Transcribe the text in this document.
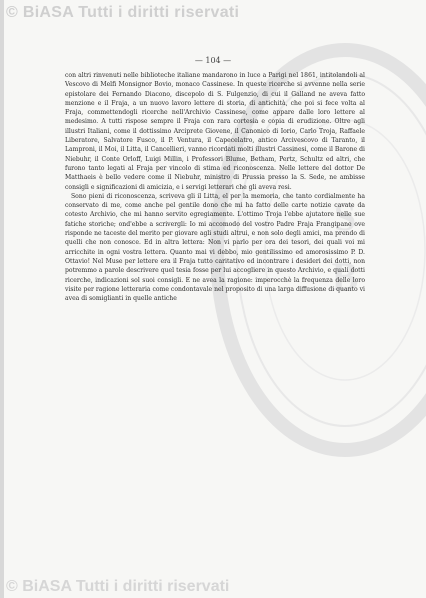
© BiASA Tutti i diritti riservati
S
B
— 104 —

con altri rinvenuti nelle biblioteche italiane mandarono in luce a Parigi nel 1861, intitolandoli al Vescovo di Melfi Monsignor Bovio, monaco Cassinese. In queste ricerche si avvenne nella serie epistolare dei Fernando Diacono, discepolo di S. Fulgenzio, di cui il Galland ne aveva fatto menzione e il Fraja, a un nuovo lavoro lettere di storia, di antichità, che poi si fece volta al Fraja, commettendogli ricerche nell'Archivio Cassinese, come appare dalle loro lettere al medesimo. A tutti rispose sempre il Fraja con rara cortesia e copia di erudizione. Oltre agli illustri Italiani, come il dottissimo Arciprete Giovene, il Canonico di Iorio, Carlo Troja, Raffaele Liberatore, Salvatore Fusco, il P. Ventura, il Capecelatro, antico Arcivescovo di Taranto, il Lamproni, il Moi, il Litta, il Cancellieri, vanno ricordati molti illustri Cassinesi, come il Barone di Niebuhr, il Conte Orloff, Luigi Millin, i Professori Blume, Betham, Pertz, Schultz ed altri, che furono tanto legati al Fraja per vincolo di stima ed riconoscenza. Nelle lettere del dottor De Matthaeis è bello vedere come il Niebuhr, ministro di Prussia presso la S. Sede, ne ambisse consigli e significazioni di amicizia, e i servigi letterari che gli aveva resi.

Sono pieni di riconoscenza, scriveva gli il Litta, el per la memoria, che tanto cordialmente ha conservato di me, come anche pel gentile dono che mi ha fatto delle carte notizie cavate da cotesto Archivio, che mi hanno servito egregiamente. L'ottimo Troja l'ebbe ajutatore nelle sue fatiche storiche; ond'ebbe a scrivergli: Io mi accomodo del vostro Padre Fraja Frangipane ove risponde ne taceste del merito per giovare agli studi altrui, e non solo degli amici, ma prendo di quelli che non conosce. Ed in altra lettera: Non vi parlo per ora dei tesori, dei quali voi mi arricchite in ogni vostra lettera. Quanto mai vi debbo, mio gentilissimo ed amorosissimo P. D. Ottavio! Nel Muse per lettere era il Fraja tutto caritativo ed incontrare i desideri dei dotti, non potremmo a parole descrivere quel tesia fosse per lui accogliere in questo Archivio, e quali dotti ricerche, indicazioni sol suoi consigli. E ne avea la ragione: imperocchè la frequenza delle loro visite per ragione letteraria come condontavale nel proposito di una larga diffusione di quanto vi avea di somiglianti in quelle antiche

© BiASA Tutti i diritti riservati
